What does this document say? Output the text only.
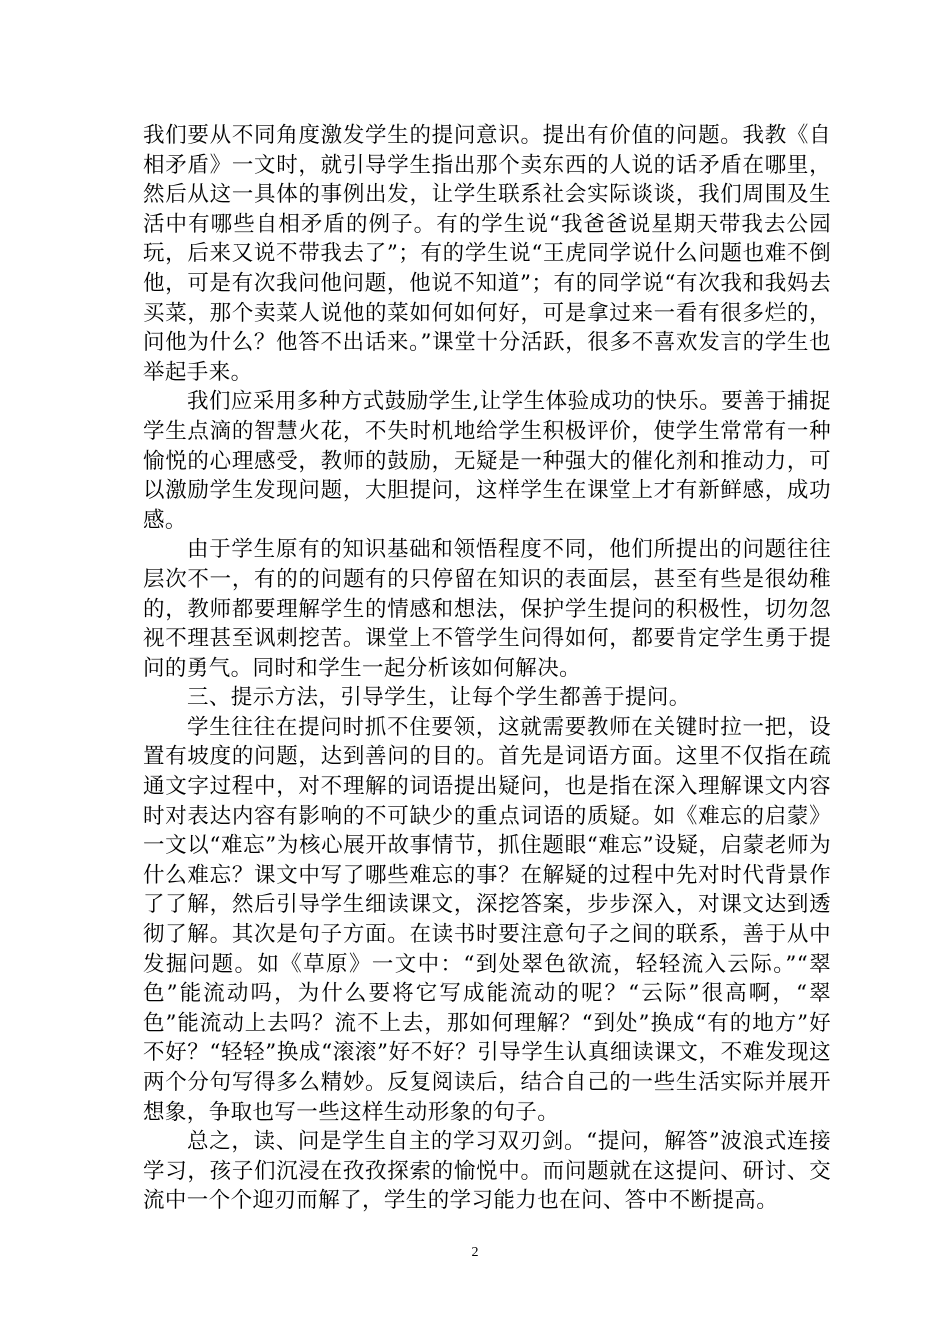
我们要从不同角度激发学生的提问意识。提出有价值的问题。我教《自相矛盾》一文时，就引导学生指出那个卖东西的人说的话矛盾在哪里，然后从这一具体的事例出发，让学生联系社会实际谈谈，我们周围及生活中有哪些自相矛盾的例子。有的学生说“我爸爸说星期天带我去公园玩，后来又说不带我去了”；有的学生说“王虎同学说什么问题也难不倒他，可是有次我问他问题，他说不知道”；有的同学说“有次我和我妈去买菜，那个卖菜人说他的菜如何如何好，可是拿过来一看有很多烂的，问他为什么？他答不出话来。”课堂十分活跃，很多不喜欢发言的学生也举起手来。

我们应采用多种方式鼓励学生,让学生体验成功的快乐。要善于捕捉学生点滴的智慧火花，不失时机地给学生积极评价，使学生常常有一种愉悦的心理感受，教师的鼓励，无疑是一种强大的催化剂和推动力，可以激励学生发现问题，大胆提问，这样学生在课堂上才有新鲜感，成功感。

由于学生原有的知识基础和领悟程度不同，他们所提出的问题往往层次不一，有的的问题有的只停留在知识的表面层，甚至有些是很幼稚的，教师都要理解学生的情感和想法，保护学生提问的积极性，切勿忽视不理甚至讽刺挖苦。课堂上不管学生问得如何，都要肯定学生勇于提问的勇气。同时和学生一起分析该如何解决。

三、提示方法，引导学生，让每个学生都善于提问。

学生往往在提问时抓不住要领，这就需要教师在关键时拉一把，设置有坡度的问题，达到善问的目的。首先是词语方面。这里不仅指在疏通文字过程中，对不理解的词语提出疑问，也是指在深入理解课文内容时对表达内容有影响的不可缺少的重点词语的质疑。如《难忘的启蒙》一文以“难忘”为核心展开故事情节，抓住题眼“难忘”设疑，启蒙老师为什么难忘？课文中写了哪些难忘的事？在解疑的过程中先对时代背景作了了解，然后引导学生细读课文，深挖答案，步步深入，对课文达到透彻了解。其次是句子方面。在读书时要注意句子之间的联系，善于从中发掘问题。如《草原》一文中：“到处翠色欲流，轻轻流入云际。”“翠色”能流动吗，为什么要将它写成能流动的呢？“云际”很高啊，“翠色”能流动上去吗？流不上去，那如何理解？“到处”换成“有的地方”好不好？“轻轻”换成“滚滚”好不好？引导学生认真细读课文，不难发现这两个分句写得多么精妙。反复阅读后，结合自己的一些生活实际并展开想象，争取也写一些这样生动形象的句子。

总之，读、问是学生自主的学习双刃剑。“提问，解答”波浪式连接学习，孩子们沉浸在孜孜探索的愉悦中。而问题就在这提问、研讨、交流中一个个迎刃而解了，学生的学习能力也在问、答中不断提高。

2
